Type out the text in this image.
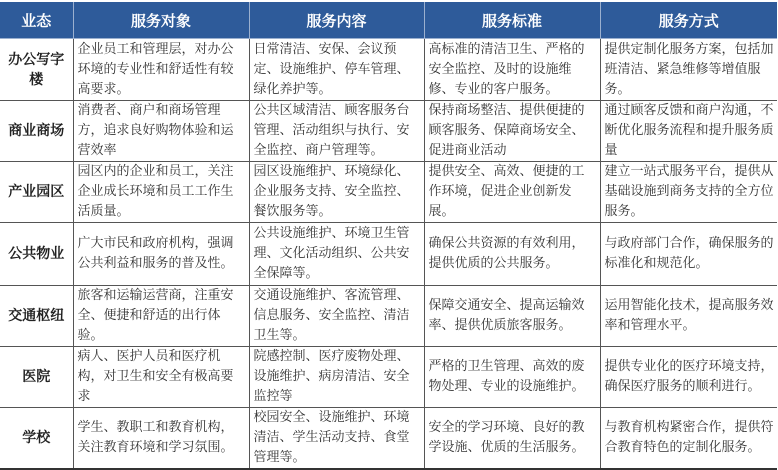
业态	服务对象	服务内容	服务标准	服务方式
办公写字楼	企业员工和管理层，对办公环境的专业性和舒适性有较高要求。	日常清洁、安保、会议预定、设施维护、停车管理、绿化养护等。	高标准的清洁卫生、严格的安全监控、及时的设施维修、专业的客户服务。	提供定制化服务方案，包括加班清洁、紧急维修等增值服务。
商业商场	消费者、商户和商场管理方，追求良好购物体验和运营效率	公共区域清洁、顾客服务台管理、活动组织与执行、安全监控、商户管理等。	保持商场整洁、提供便捷的顾客服务、保障商场安全、促进商业活动	通过顾客反馈和商户沟通，不断优化服务流程和提升服务质量
产业园区	园区内的企业和员工，关注企业成长环境和员工工作生活质量。	园区设施维护、环境绿化、企业服务支持、安全监控、餐饮服务等。	提供安全、高效、便捷的工作环境，促进企业创新发展。	建立一站式服务平台，提供从基础设施到商务支持的全方位服务。
公共物业	广大市民和政府机构，强调公共利益和服务的普及性。	公共设施维护、环境卫生管理、文化活动组织、公共安全保障等。	确保公共资源的有效利用，提供优质的公共服务。	与政府部门合作，确保服务的标准化和规范化。
交通枢纽	旅客和运输运营商，注重安全、便捷和舒适的出行体验。	交通设施维护、客流管理、信息服务、安全监控、清洁卫生等。	保障交通安全、提高运输效率、提供优质旅客服务。	运用智能化技术，提高服务效率和管理水平。
医院	病人、医护人员和医疗机构，对卫生和安全有极高要求	院感控制、医疗废物处理、设施维护、病房清洁、安全监控等	严格的卫生管理、高效的废物处理、专业的设施维护。	提供专业化的医疗环境支持，确保医疗服务的顺利进行。
学校	学生、教职工和教育机构，关注教育环境和学习氛围。	校园安全、设施维护、环境清洁、学生活动支持、食堂管理等。	安全的学习环境、良好的教学设施、优质的生活服务。	与教育机构紧密合作，提供符合教育特色的定制化服务。
